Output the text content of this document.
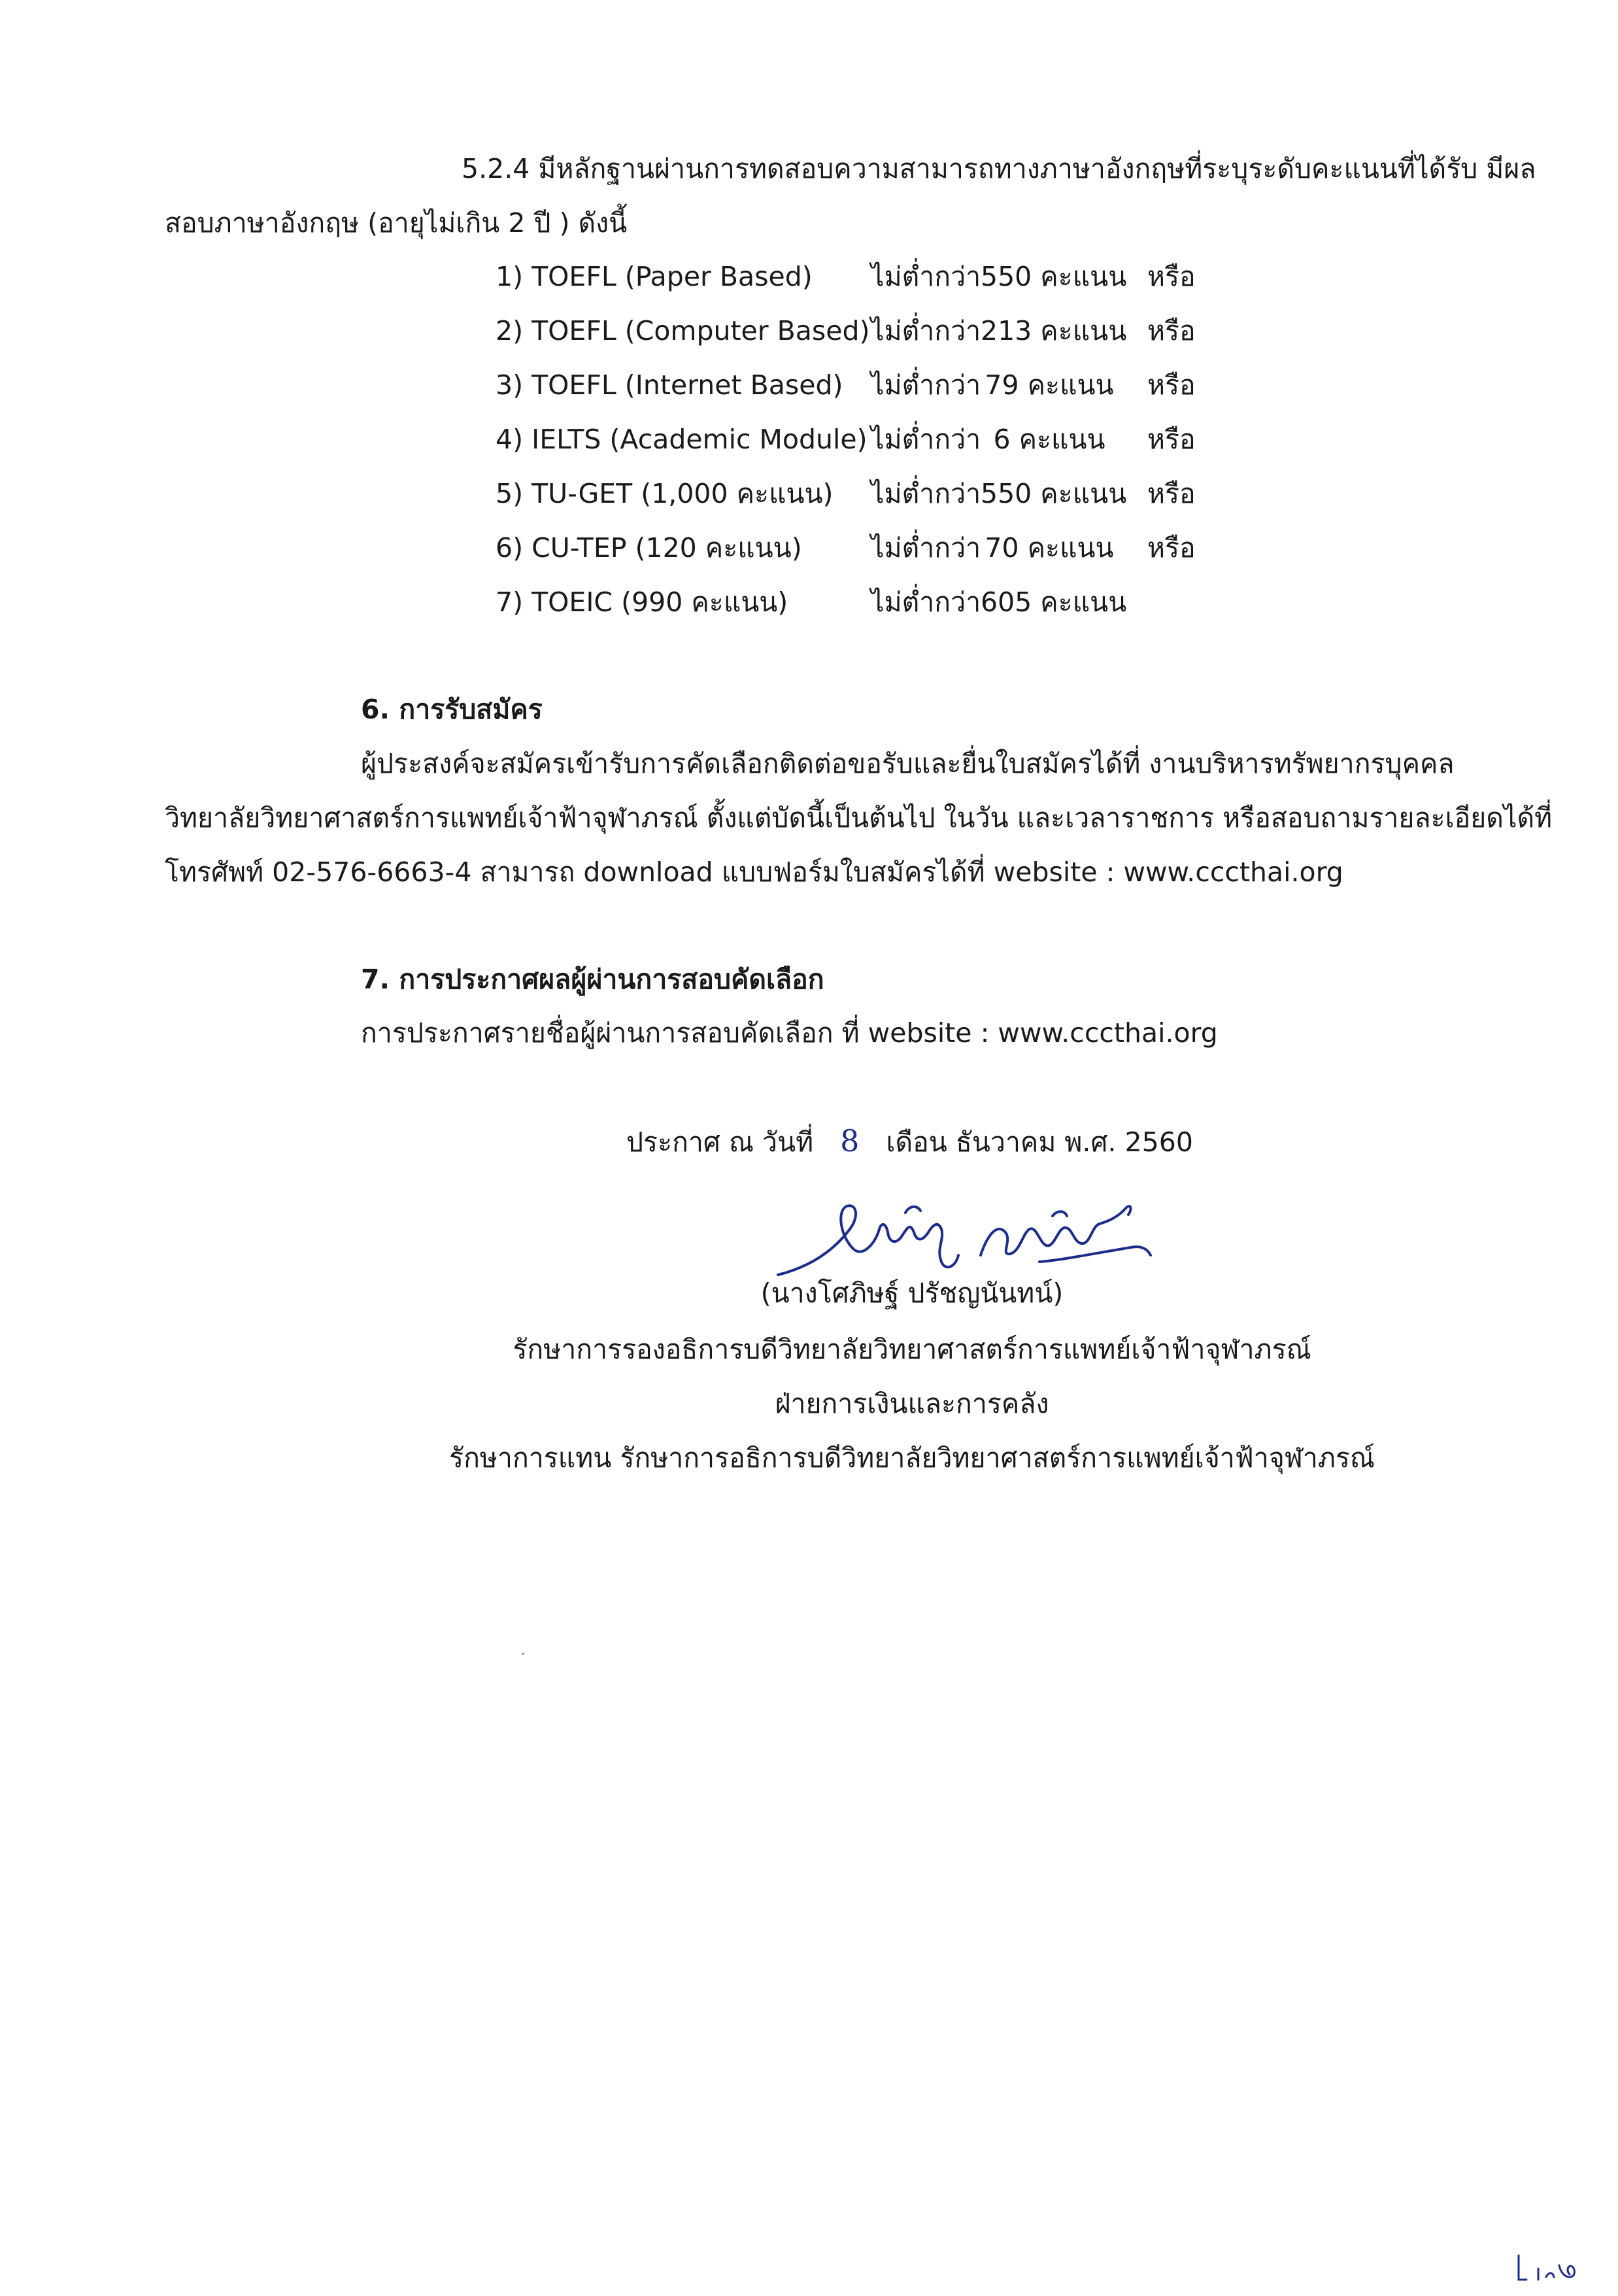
5.2.4 มีหลักฐานผ่านการทดสอบความสามารถทางภาษาอังกฤษที่ระบุระดับคะแนนที่ได้รับ มีผล
สอบภาษาอังกฤษ (อายุไม่เกิน 2 ปี ) ดังนี้
1) TOEFL (Paper Based) ไม่ต่ำกว่า 550 คะแนน หรือ
2) TOEFL (Computer Based) ไม่ต่ำกว่า 213 คะแนน หรือ
3) TOEFL (Internet Based) ไม่ต่ำกว่า 79 คะแนน หรือ
4) IELTS (Academic Module) ไม่ต่ำกว่า 6 คะแนน	หรือ
5) TU-GET (1,000 คะแนน) ไม่ต่ำกว่า 550 คะแนน หรือ
6) CU-TEP (120 คะแนน)	ไม่ต่ำกว่า 70 คะแนน หรือ
7) TOEIC (990 คะแนน)	ไม่ต่ำกว่า 605 คะแนน
6. การรับสมัคร
ผู้ประสงค์จะสมัครเข้ารับการคัดเลือกติดต่อขอรับและยื่นใบสมัครได้ที่ งานบริหารทรัพยากรบุคคล
วิทยาลัยวิทยาศาสตร์การแพทย์เจ้าฟ้าจุฬาภรณ์ ตั้งแต่บัดนี้เป็นต้นไป ในวัน และเวลาราชการ หรือสอบถามรายละเอียดได้ที่
โทรศัพท์ 02-576-6663-4 สามารถ download แบบฟอร์มใบสมัครได้ที่ website : www.cccthai.org
7. การประกาศผลผู้ผ่านการสอบคัดเลือก
การประกาศรายชื่อผู้ผ่านการสอบคัดเลือก ที่ website : www.cccthai.org
ประกาศ ณ วันที่ 8 เดือน ธันวาคม พ.ศ. 2560
(นางโศภิษฐ์ ปรัชญนันทน์)
รักษาการรองอธิการบดีวิทยาลัยวิทยาศาสตร์การแพทย์เจ้าฟ้าจุฬาภรณ์
ฝ่ายการเงินและการคลัง
รักษาการแทน รักษาการอธิการบดีวิทยาลัยวิทยาศาสตร์การแพทย์เจ้าฟ้าจุฬาภรณ์
